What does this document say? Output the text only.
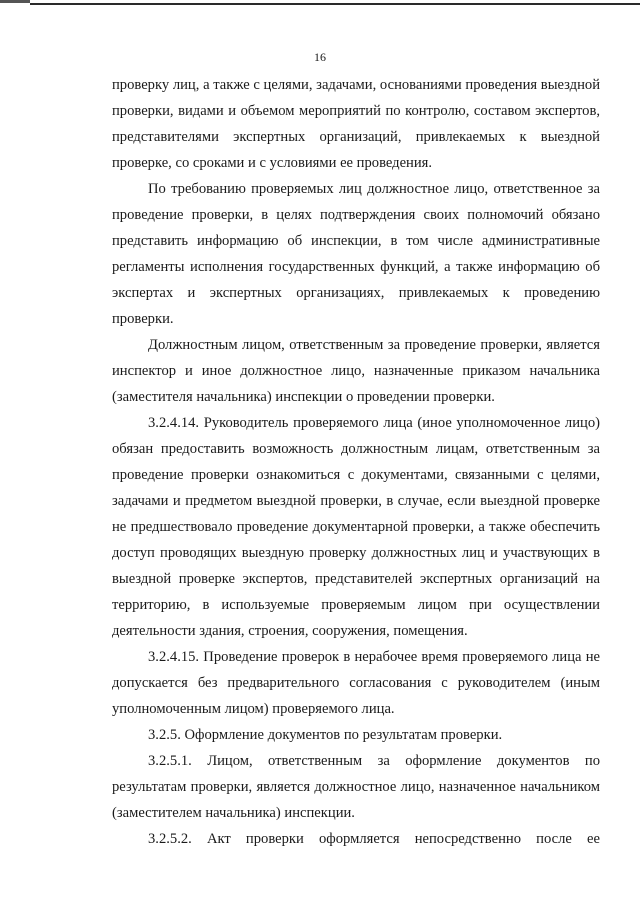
16

проверку лиц, а также с целями, задачами, основаниями проведения выездной проверки, видами и объемом мероприятий по контролю, составом экспертов, представителями экспертных организаций, привлекаемых к выездной проверке, со сроками и с условиями ее проведения.

По требованию проверяемых лиц должностное лицо, ответственное за проведение проверки, в целях подтверждения своих полномочий обязано представить информацию об инспекции, в том числе административные регламенты исполнения государственных функций, а также информацию об экспертах и экспертных организациях, привлекаемых к проведению проверки.

Должностным лицом, ответственным за проведение проверки, является инспектор и иное должностное лицо, назначенные приказом начальника (заместителя начальника) инспекции о проведении проверки.

3.2.4.14. Руководитель проверяемого лица (иное уполномоченное лицо) обязан предоставить возможность должностным лицам, ответственным за проведение проверки ознакомиться с документами, связанными с целями, задачами и предметом выездной проверки, в случае, если выездной проверке не предшествовало проведение документарной проверки, а также обеспечить доступ проводящих выездную проверку должностных лиц и участвующих в выездной проверке экспертов, представителей экспертных организаций на территорию, в используемые проверяемым лицом при осуществлении деятельности здания, строения, сооружения, помещения.

3.2.4.15. Проведение проверок в нерабочее время проверяемого лица не допускается без предварительного согласования с руководителем (иным уполномоченным лицом) проверяемого лица.

3.2.5. Оформление документов по результатам проверки.

3.2.5.1. Лицом, ответственным за оформление документов по результатам проверки, является должностное лицо, назначенное начальником (заместителем начальника) инспекции.

3.2.5.2. Акт проверки оформляется непосредственно после ее
